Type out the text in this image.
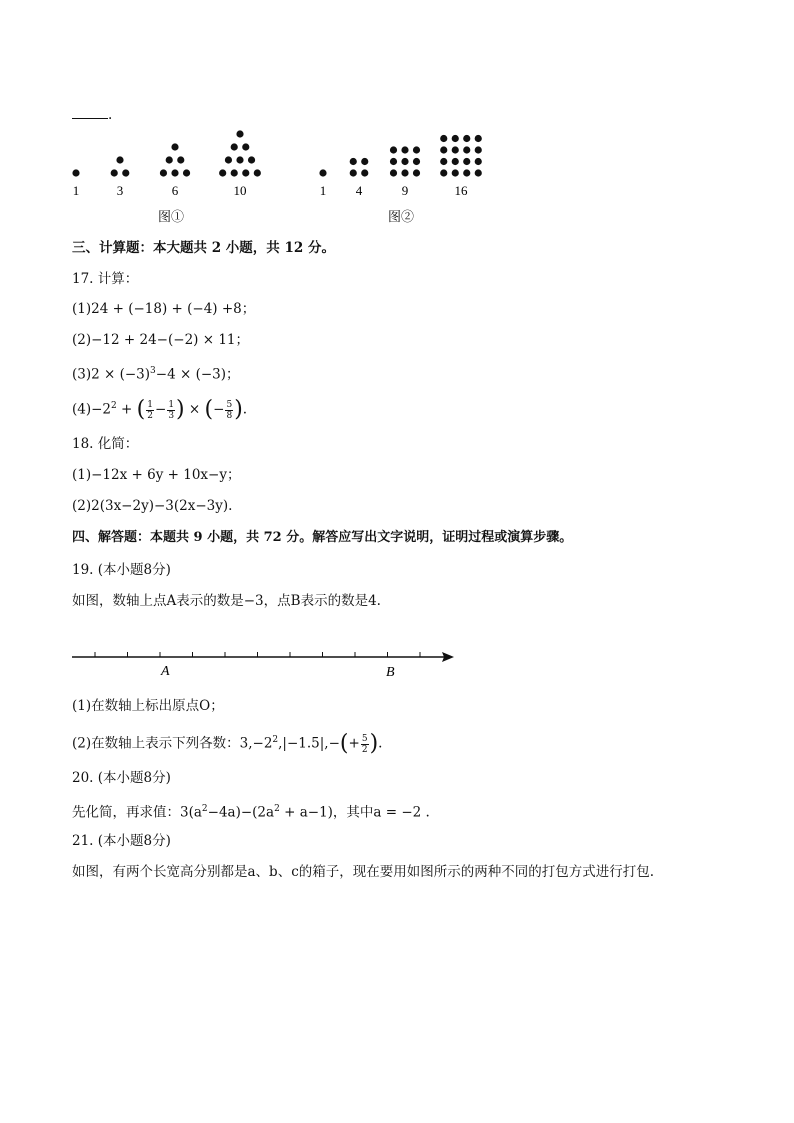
.
1	3	6	10	1 4	9	16
图①	图②
三、计算题：本大题共 2 小题，共 12 分。
17. 计算：
(1)24 + (−18) + (−4) +8；
(2)−12 + 24−(−2) × 11；
$(3)2 \times (-3)^3-4 \times (-3)$；
$(4)-2^2$ + ( $\frac{1}{2} - \frac{1}{3}$ ) × (− $\frac{5}{8}$ ).
18. 化简：
(1)−12x + 6y + 10x−y；
(2)2(3x−2y)−3(2x−3y).
四、解答题：本题共 9 小题，共 72 分。解答应写出文字说明，证明过程或演算步骤。
19. (本小题8分)
如图，数轴上点A表示的数是−3，点B表示的数是4.
A	B
(1)在数轴上标出原点O；
(2)在数轴上表示下列各数：$3,-2^2,|-1.5|,-(+ \frac{5}{2}$ ).
20. (本小题8分)
先化简，再求值：$3(a^2-4a)-(2a^2 + a-1)$，其中a = −2 .
21. (本小题8分)
如图，有两个长宽高分别都是a、b、c的箱子，现在要用如图所示的两种不同的打包方式进行打包.
